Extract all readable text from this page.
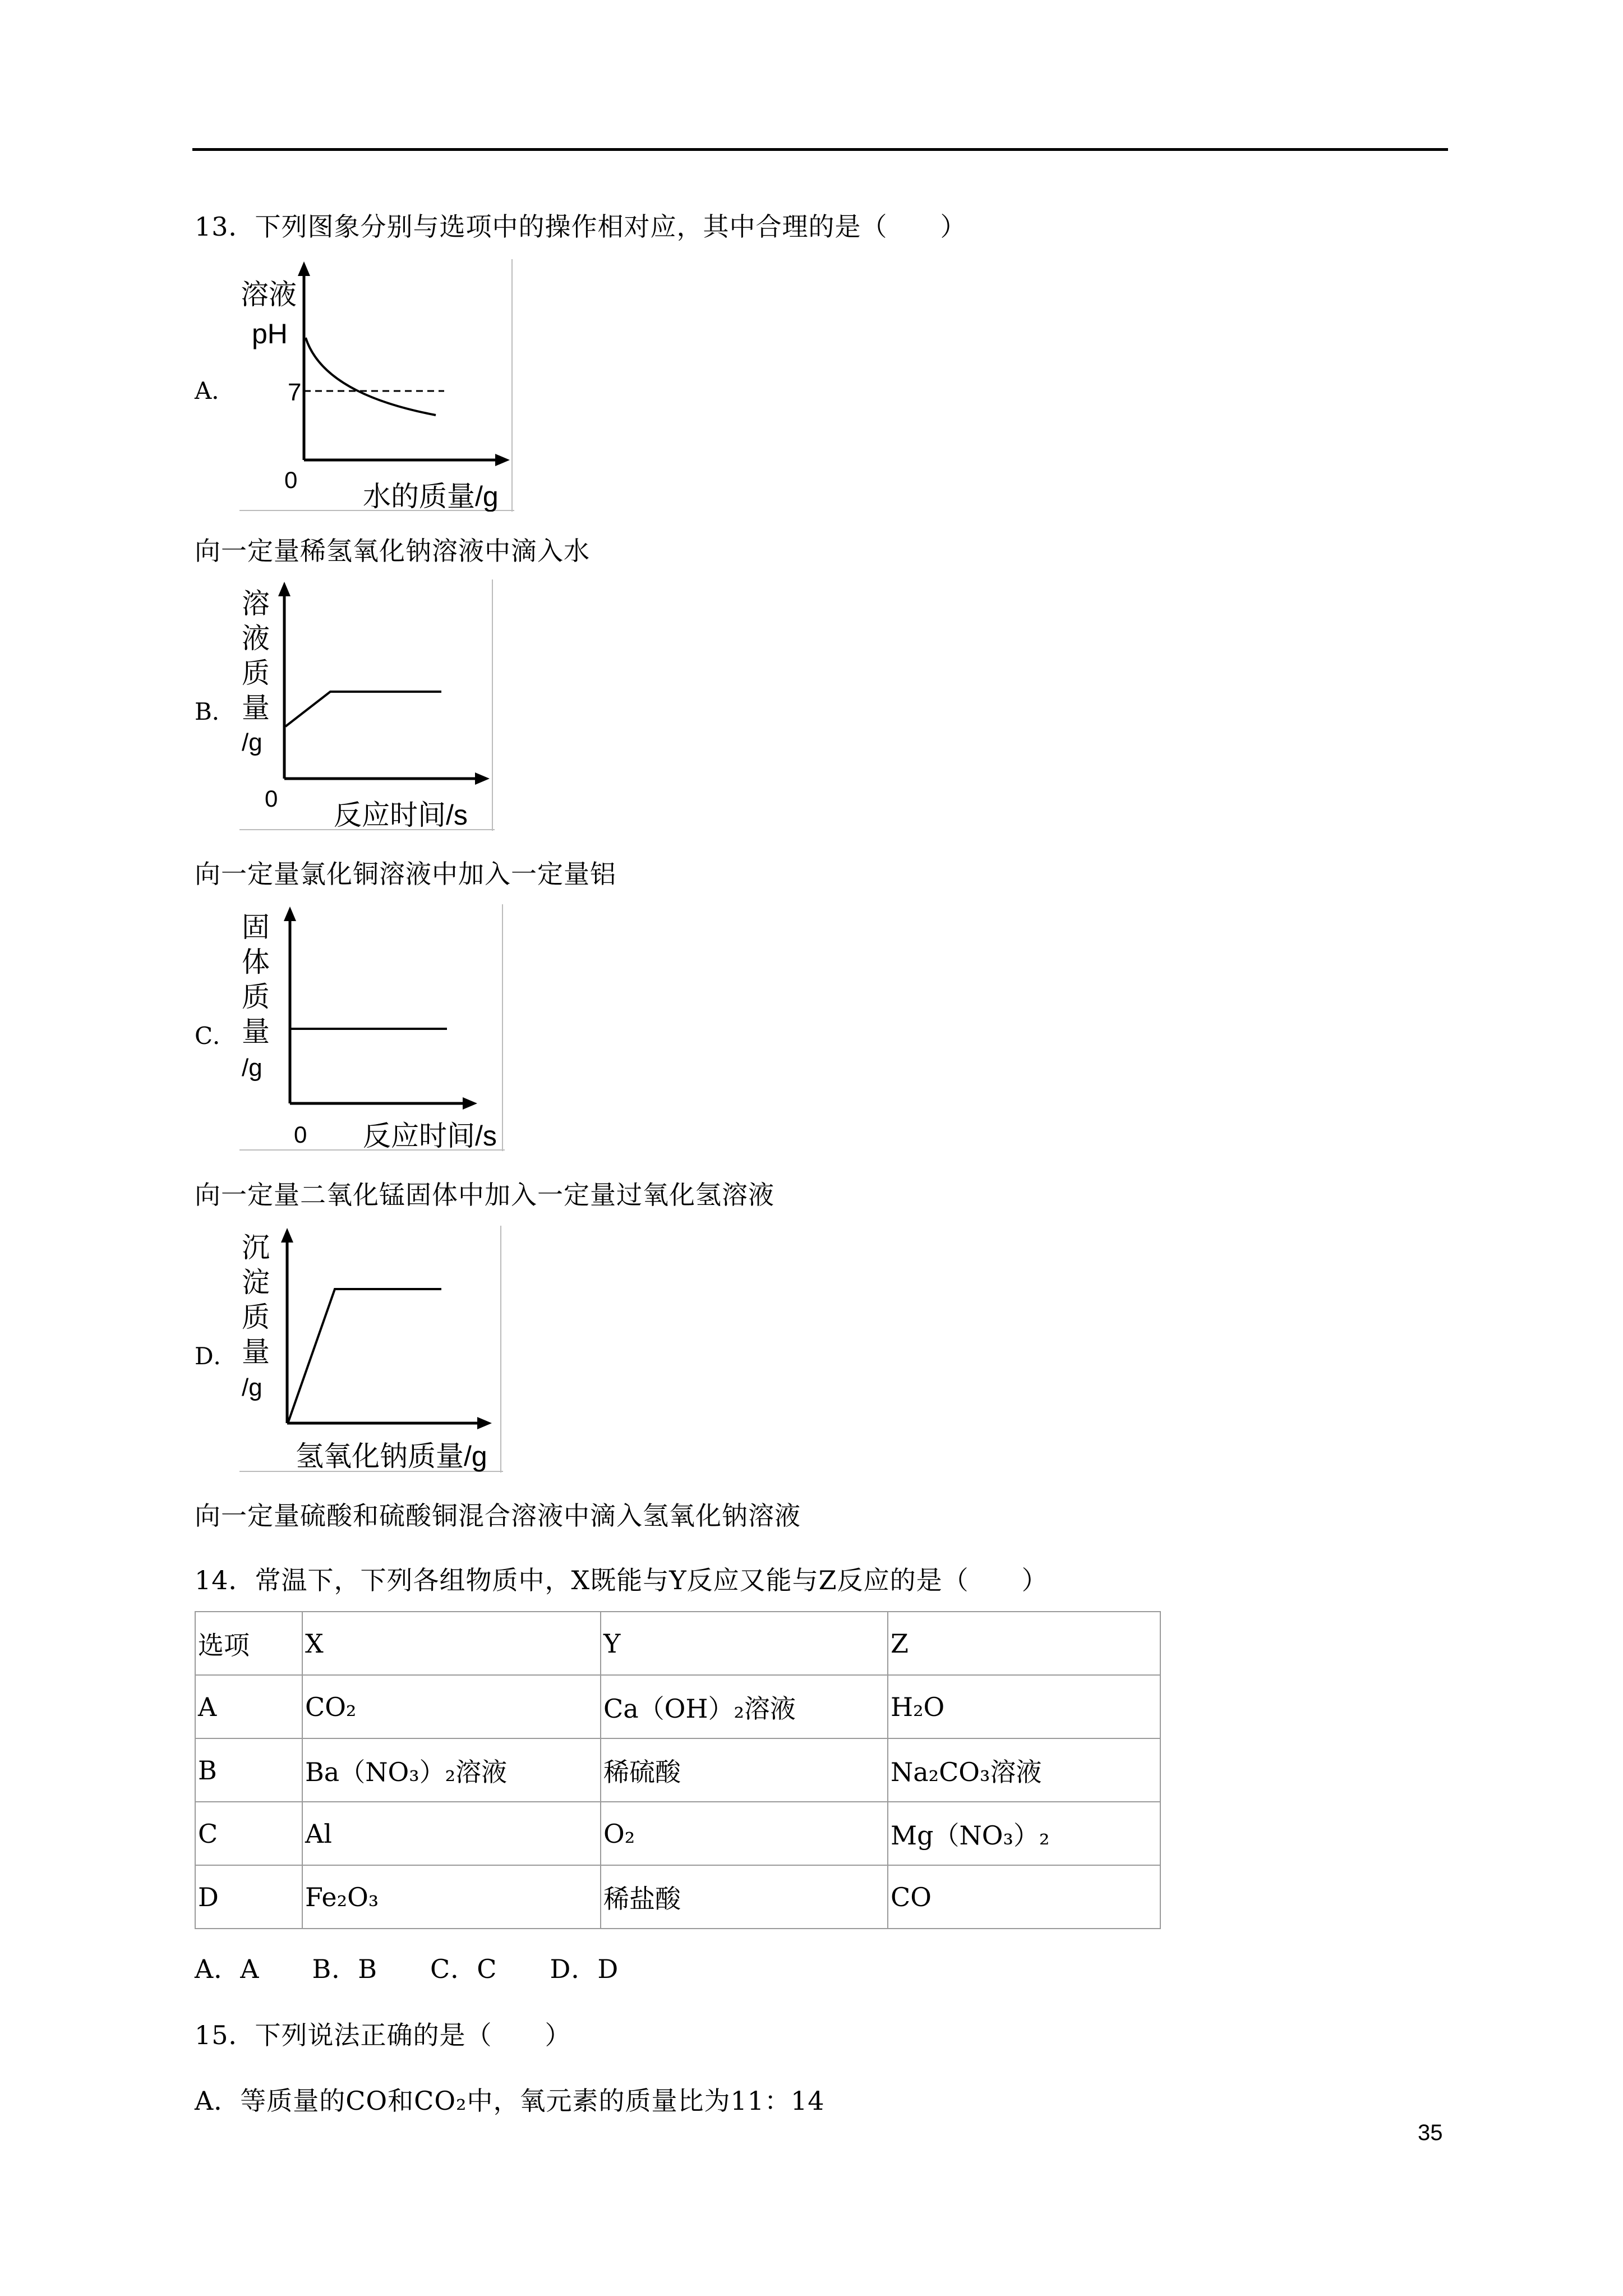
13．下列图象分别与选项中的操作相对应，其中合理的是（　　）
A．
溶液
pH
7
0
水的质量/g
向一定量稀氢氧化钠溶液中滴入水
B．
溶
液
质
量
/g
0
反应时间/s
向一定量氯化铜溶液中加入一定量铝
C．
固
体
质
量
/g
0 反应时间/s
向一定量二氧化锰固体中加入一定量过氧化氢溶液
D．
沉
淀
质
量
/g
氢氧化钠质量/g
向一定量硫酸和硫酸铜混合溶液中滴入氢氧化钠溶液
14．常温下，下列各组物质中，X既能与Y反应又能与Z反应的是（　　）
选项	X	Y	Z
A	CO₂	Ca（OH）₂溶液	H₂O
B	Ba（NO₃）₂溶液	稀硫酸	Na₂CO₃溶液
C	Al	O₂	Mg（NO₃）₂
D	Fe₂O₃	稀盐酸	CO
A．A　　B．B　　C．C　　D．D
15．下列说法正确的是（　　）
A．等质量的CO和CO₂中，氧元素的质量比为11：14
35
